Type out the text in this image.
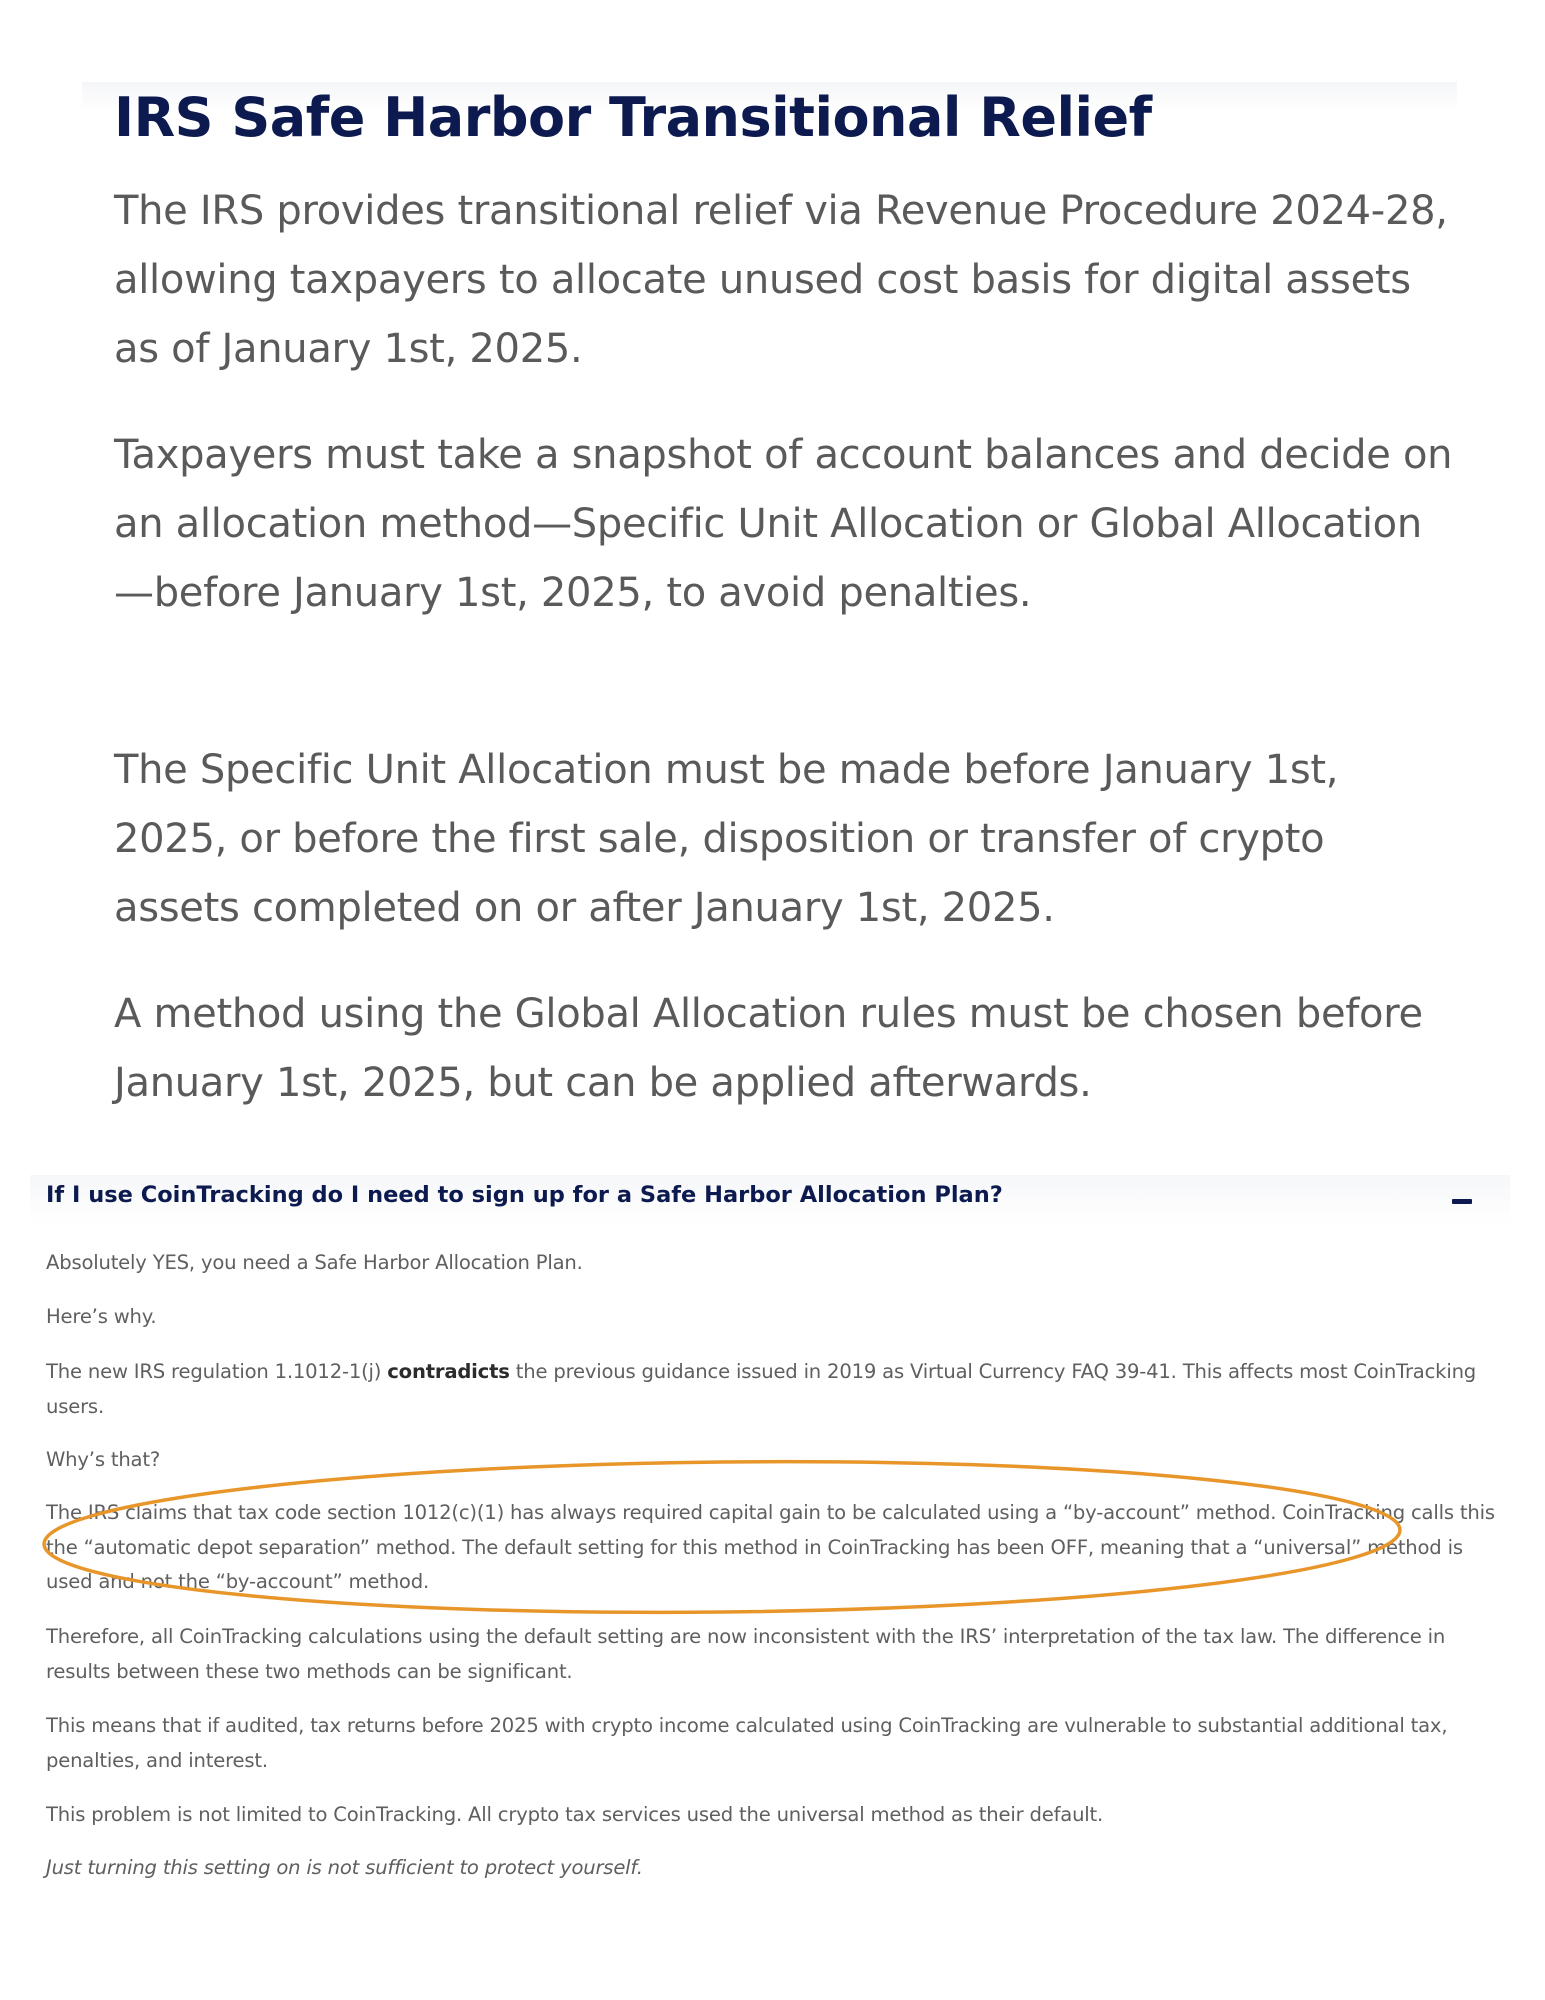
IRS Safe Harbor Transitional Relief

The IRS provides transitional relief via Revenue Procedure 2024-28, allowing taxpayers to allocate unused cost basis for digital assets as of January 1st, 2025.

Taxpayers must take a snapshot of account balances and decide on an allocation method—Specific Unit Allocation or Global Allocation—before January 1st, 2025, to avoid penalties.

The Specific Unit Allocation must be made before January 1st, 2025, or before the first sale, disposition or transfer of crypto assets completed on or after January 1st, 2025.

A method using the Global Allocation rules must be chosen before January 1st, 2025, but can be applied afterwards.

If I use CoinTracking do I need to sign up for a Safe Harbor Allocation Plan?

Absolutely YES, you need a Safe Harbor Allocation Plan.

Here’s why.

The new IRS regulation 1.1012-1(j) contradicts the previous guidance issued in 2019 as Virtual Currency FAQ 39-41. This affects most CoinTracking users.

Why’s that?

The IRS claims that tax code section 1012(c)(1) has always required capital gain to be calculated using a “by-account” method. CoinTracking calls this the “automatic depot separation” method. The default setting for this method in CoinTracking has been OFF, meaning that a “universal” method is used and not the “by-account” method.

Therefore, all CoinTracking calculations using the default setting are now inconsistent with the IRS’ interpretation of the tax law. The difference in results between these two methods can be significant.

This means that if audited, tax returns before 2025 with crypto income calculated using CoinTracking are vulnerable to substantial additional tax, penalties, and interest.

This problem is not limited to CoinTracking. All crypto tax services used the universal method as their default.

Just turning this setting on is not sufficient to protect yourself.
